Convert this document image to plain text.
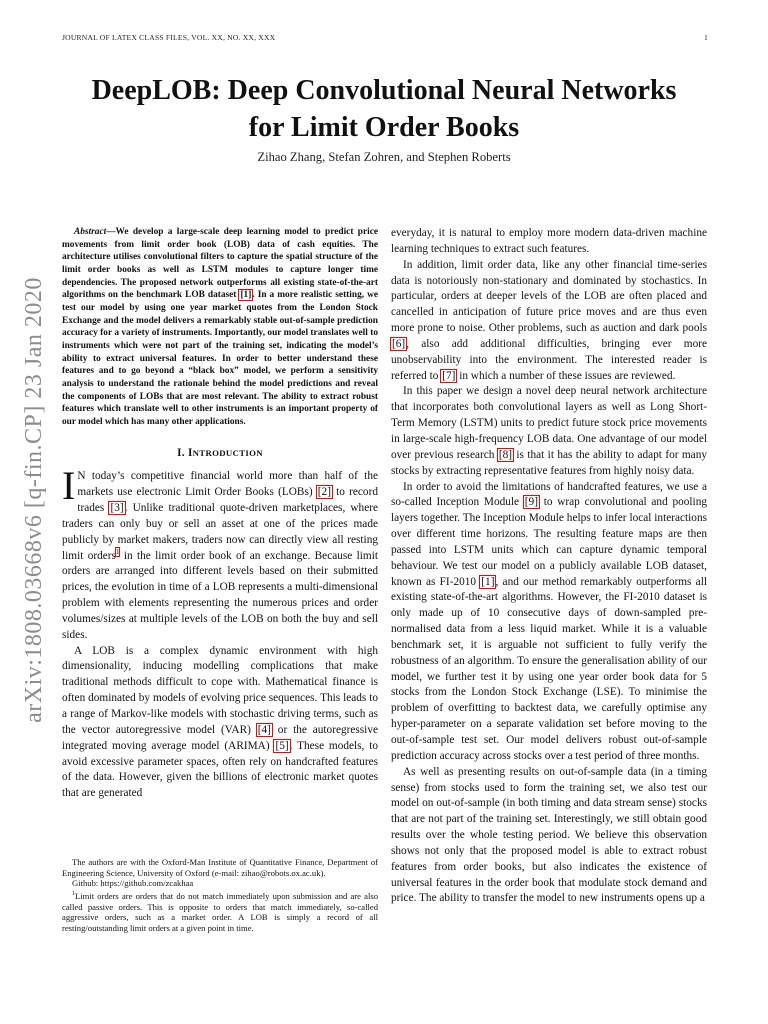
JOURNAL OF LATEX CLASS FILES, VOL. XX, NO. XX, XXX	1
arXiv:1808.03668v6 [q-fin.CP] 23 Jan 2020
DeepLOB: Deep Convolutional Neural Networks
for Limit Order Books
Zihao Zhang, Stefan Zohren, and Stephen Roberts

Abstract—We develop a large-scale deep learning model to predict price movements from limit order book (LOB) data of cash equities. The architecture utilises convolutional filters to capture the spatial structure of the limit order books as well as LSTM modules to capture longer time dependencies. The proposed network outperforms all existing state-of-the-art algorithms on the benchmark LOB dataset [1]. In a more realistic setting, we test our model by using one year market quotes from the London Stock Exchange and the model delivers a remarkably stable out-of-sample prediction accuracy for a variety of instruments. Importantly, our model translates well to instruments which were not part of the training set, indicating the model’s ability to extract universal features. In order to better understand these features and to go beyond a “black box” model, we perform a sensitivity analysis to understand the rationale behind the model predictions and reveal the components of LOBs that are most relevant. The ability to extract robust features which translate well to other instruments is an important property of our model which has many other applications.

I. INTRODUCTION

I N today’s competitive financial world more than half of the markets use electronic Limit Order Books (LOBs) [2] to record trades [3]. Unlike traditional quote-driven marketplaces, where traders can only buy or sell an asset at one of the prices made publicly by market makers, traders now can directly view all resting limit orders$^1$ in the limit order book of an exchange. Because limit orders are arranged into different levels based on their submitted prices, the evolution in time of a LOB represents a multi-dimensional problem with elements representing the numerous prices and order volumes/sizes at multiple levels of the LOB on both the buy and sell sides.

A LOB is a complex dynamic environment with high dimensionality, inducing modelling complications that make traditional methods difficult to cope with. Mathematical finance is often dominated by models of evolving price sequences. This leads to a range of Markov-like models with stochastic driving terms, such as the vector autoregressive model (VAR) [4] or the autoregressive integrated moving average model (ARIMA) [5]. These models, to avoid excessive parameter spaces, often rely on handcrafted features of the data. However, given the billions of electronic market quotes that are generated

The authors are with the Oxford-Man Institute of Quantitative Finance, Department of Engineering Science, University of Oxford (e-mail: zihao@robots.ox.ac.uk).

Github: https://github.com/zcakhaa

$^1$Limit orders are orders that do not match immediately upon submission and are also called passive orders. This is opposite to orders that match immediately, so-called aggressive orders, such as a market order. A LOB is simply a record of all resting/outstanding limit orders at a given point in time.

everyday, it is natural to employ more modern data-driven machine learning techniques to extract such features.

In addition, limit order data, like any other financial time-series data is notoriously non-stationary and dominated by stochastics. In particular, orders at deeper levels of the LOB are often placed and cancelled in anticipation of future price moves and are thus even more prone to noise. Other problems, such as auction and dark pools [6], also add additional difficulties, bringing ever more unobservability into the environment. The interested reader is referred to [7] in which a number of these issues are reviewed.

In this paper we design a novel deep neural network architecture that incorporates both convolutional layers as well as Long Short-Term Memory (LSTM) units to predict future stock price movements in large-scale high-frequency LOB data. One advantage of our model over previous research [8] is that it has the ability to adapt for many stocks by extracting representative features from highly noisy data.

In order to avoid the limitations of handcrafted features, we use a so-called Inception Module [9] to wrap convolutional and pooling layers together. The Inception Module helps to infer local interactions over different time horizons. The resulting feature maps are then passed into LSTM units which can capture dynamic temporal behaviour. We test our model on a publicly available LOB dataset, known as FI-2010 [1], and our method remarkably outperforms all existing state-of-the-art algorithms. However, the FI-2010 dataset is only made up of 10 consecutive days of down-sampled pre-normalised data from a less liquid market. While it is a valuable benchmark set, it is arguable not sufficient to fully verify the robustness of an algorithm. To ensure the generalisation ability of our model, we further test it by using one year order book data for 5 stocks from the London Stock Exchange (LSE). To minimise the problem of overfitting to backtest data, we carefully optimise any hyper-parameter on a separate validation set before moving to the out-of-sample test set. Our model delivers robust out-of-sample prediction accuracy across stocks over a test period of three months.

As well as presenting results on out-of-sample data (in a timing sense) from stocks used to form the training set, we also test our model on out-of-sample (in both timing and data stream sense) stocks that are not part of the training set. Interestingly, we still obtain good results over the whole testing period. We believe this observation shows not only that the proposed model is able to extract robust features from order books, but also indicates the existence of universal features in the order book that modulate stock demand and price. The ability to transfer the model to new instruments opens up a
